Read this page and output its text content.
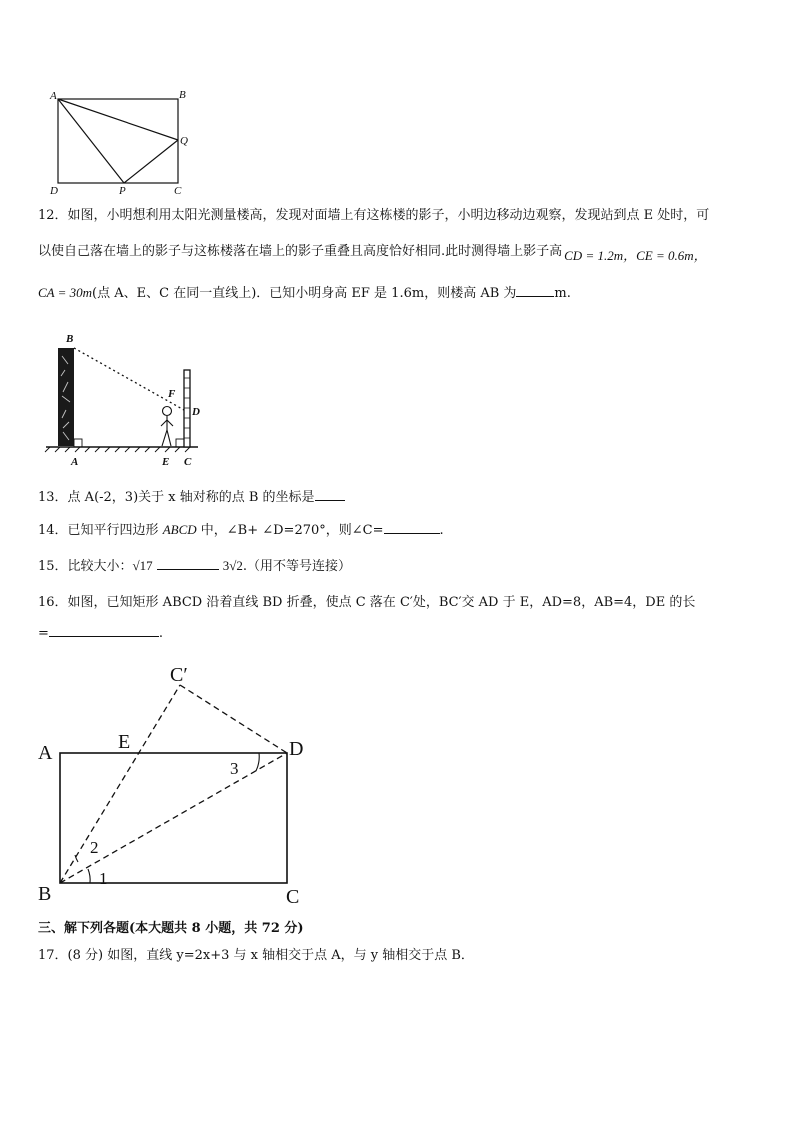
A	B
Q
D	P	C
12．如图，小明想利用太阳光测量楼高，发现对面墙上有这栋楼的影子，小明边移动边观察，发现站到点 E 处时，可
以使自己落在墙上的影子与这栋楼落在墙上的影子重叠且高度恰好相同.此时测得墙上影子高 CD = 1.2m，CE = 0.6m，
CA = 30m(点 A、E、C 在同一直线上)．已知小明身高 EF 是 1.6m，则楼高 AB 为	m.
B
F
D
A	E C
13．点 A(-2，3)关于 x 轴对称的点 B 的坐标是
14．已知平行四边形 ABCD 中，∠B+ ∠D=270°，则∠C=	.
15．比较大小：√17	3√2.（用不等号连接）
16．如图，已知矩形 ABCD 沿着直线 BD 折叠，使点 C 落在 C′处，BC′交 AD 于 E，AD=8，AB=4，DE 的长
=	.
C′
A	E	D
B	C
1
2
3
三、解下列各题(本大题共 8 小题，共 72 分)
17．(8 分) 如图，直线 y=2x+3 与 x 轴相交于点 A，与 y 轴相交于点 B．
